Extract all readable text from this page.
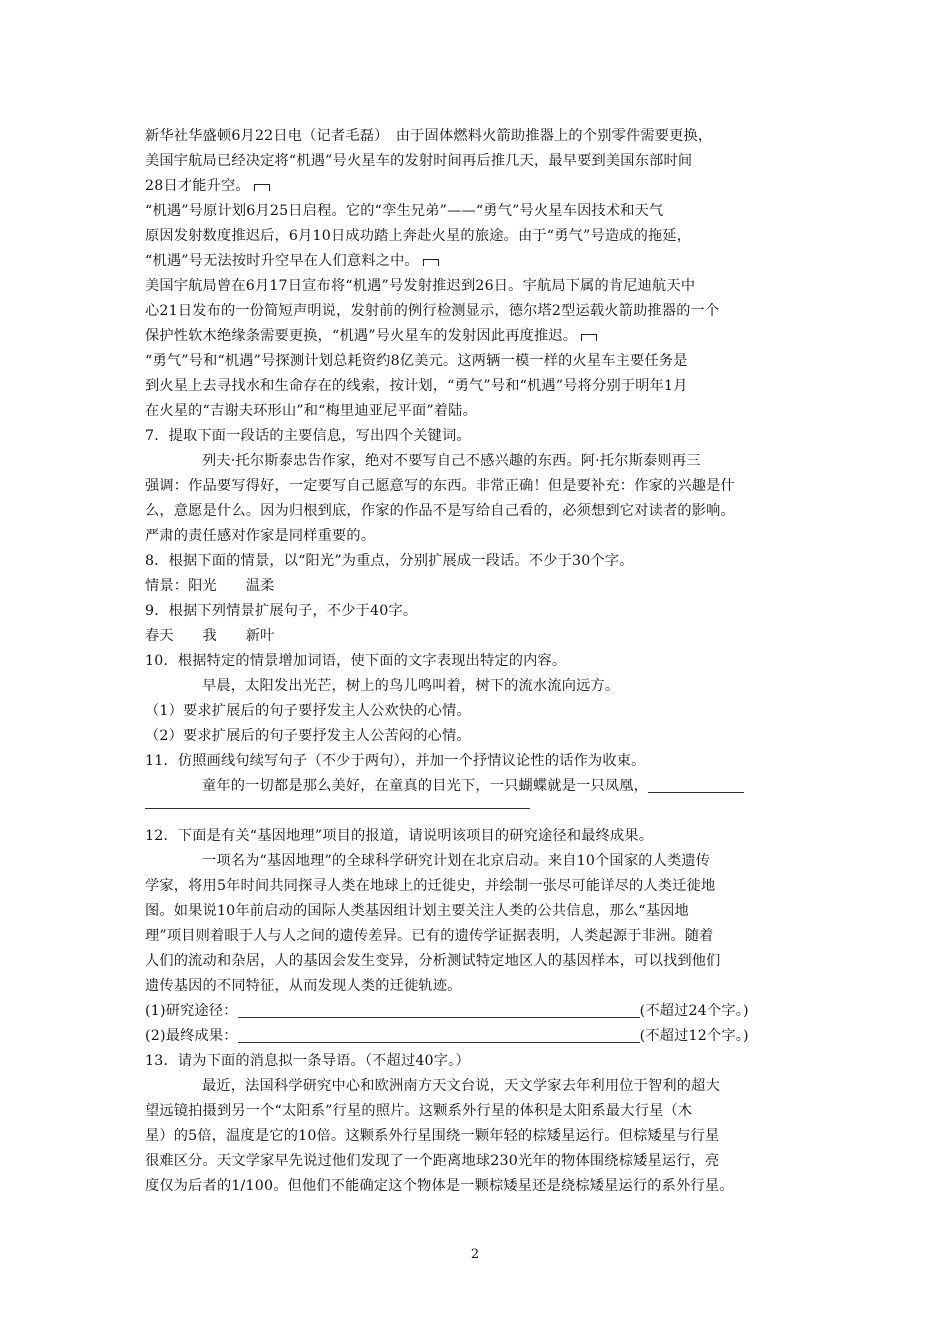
新华社华盛顿6月22日电（记者毛磊）　由于固体燃料火箭助推器上的个别零件需要更换，
美国宇航局已经决定将“机遇”号火星车的发射时间再后推几天，最早要到美国东部时间
28日才能升空。
“机遇”号原计划6月25日启程。它的“孪生兄弟”——“勇气”号火星车因技术和天气
原因发射数度推迟后，6月10日成功踏上奔赴火星的旅途。由于“勇气”号造成的拖延，
“机遇”号无法按时升空早在人们意料之中。
美国宇航局曾在6月17日宣布将“机遇”号发射推迟到26日。宇航局下属的肯尼迪航天中
心21日发布的一份简短声明说，发射前的例行检测显示，德尔塔2型运载火箭助推器的一个
保护性软木绝缘条需要更换，“机遇”号火星车的发射因此再度推迟。
“勇气”号和“机遇”号探测计划总耗资约8亿美元。这两辆一模一样的火星车主要任务是
到火星上去寻找水和生命存在的线索，按计划，“勇气”号和“机遇”号将分别于明年1月
在火星的“吉谢夫环形山”和“梅里迪亚尼平面”着陆。
7．提取下面一段话的主要信息，写出四个关键词。
列夫·托尔斯泰忠告作家，绝对不要写自己不感兴趣的东西。阿·托尔斯泰则再三
强调：作品要写得好，一定要写自己愿意写的东西。非常正确！但是要补充：作家的兴趣是什
么，意愿是什么。因为归根到底，作家的作品不是写给自己看的，必须想到它对读者的影响。
严肃的责任感对作家是同样重要的。
8．根据下面的情景，以“阳光”为重点，分别扩展成一段话。不少于30个字。
情景：阳光　　温柔
9．根据下列情景扩展句子，不少于40字。
春天　　我　　新叶
10．根据特定的情景增加词语，使下面的文字表现出特定的内容。
早晨，太阳发出光芒，树上的鸟儿鸣叫着，树下的流水流向远方。
（1）要求扩展后的句子要抒发主人公欢快的心情。
（2）要求扩展后的句子要抒发主人公苦闷的心情。
11．仿照画线句续写句子（不少于两句），并加一个抒情议论性的话作为收束。
童年的一切都是那么美好，在童真的目光下，一只蝴蝶就是一只凤凰，
12．下面是有关“基因地理”项目的报道，请说明该项目的研究途径和最终成果。
一项名为“基因地理”的全球科学研究计划在北京启动。来自10个国家的人类遗传
学家，将用5年时间共同探寻人类在地球上的迁徙史，并绘制一张尽可能详尽的人类迁徙地
图。如果说10年前启动的国际人类基因组计划主要关注人类的公共信息，那么“基因地
理”项目则着眼于人与人之间的遗传差异。已有的遗传学证据表明，人类起源于非洲。随着
人们的流动和杂居，人的基因会发生变异，分析测试特定地区人的基因样本，可以找到他们
遗传基因的不同特征，从而发现人类的迁徙轨迹。
(1)研究途径：	(不超过24个字。)
(2)最终成果：	(不超过12个字。)
13．请为下面的消息拟一条导语。（不超过40字。）
最近，法国科学研究中心和欧洲南方天文台说，天文学家去年利用位于智利的超大
望远镜拍摄到另一个“太阳系”行星的照片。这颗系外行星的体积是太阳系最大行星（木
星）的5倍，温度是它的10倍。这颗系外行星围绕一颗年轻的棕矮星运行。但棕矮星与行星
很难区分。天文学家早先说过他们发现了一个距离地球230光年的物体围绕棕矮星运行，亮
度仅为后者的1/100。但他们不能确定这个物体是一颗棕矮星还是绕棕矮星运行的系外行星。
2
